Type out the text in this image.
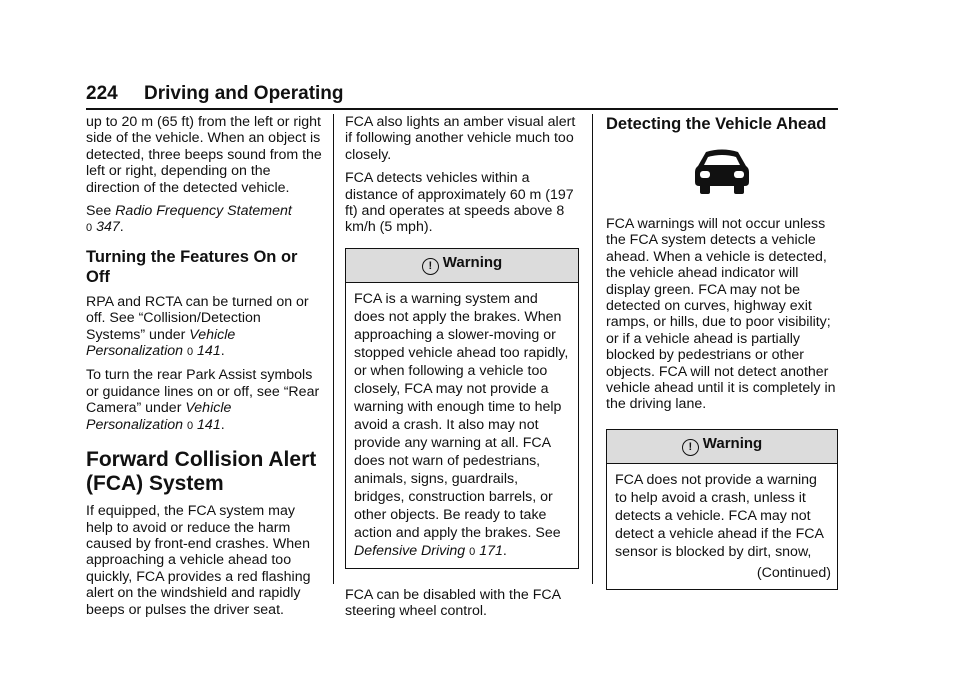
224	Driving and Operating

up to 20 m (65 ft) from the left or right side of the vehicle. When an object is detected, three beeps sound from the left or right, depending on the direction of the detected vehicle.

See Radio Frequency Statement
0 347.

Turning the Features On or Off

RPA and RCTA can be turned on or off. See “Collision/Detection Systems” under Vehicle Personalization 0 141.

To turn the rear Park Assist symbols or guidance lines on or off, see “Rear Camera” under Vehicle Personalization 0 141.

Forward Collision Alert (FCA) System

If equipped, the FCA system may help to avoid or reduce the harm caused by front-end crashes. When approaching a vehicle ahead too quickly, FCA provides a red flashing alert on the windshield and rapidly beeps or pulses the driver seat.

FCA also lights an amber visual alert if following another vehicle much too closely.

FCA detects vehicles within a distance of approximately 60 m (197 ft) and operates at speeds above 8 km/h (5 mph).

! Warning

FCA is a warning system and does not apply the brakes. When approaching a slower-moving or stopped vehicle ahead too rapidly, or when following a vehicle too closely, FCA may not provide a warning with enough time to help avoid a crash. It also may not provide any warning at all. FCA does not warn of pedestrians, animals, signs, guardrails, bridges, construction barrels, or other objects. Be ready to take action and apply the brakes. See Defensive Driving 0 171.

FCA can be disabled with the FCA steering wheel control.

Detecting the Vehicle Ahead

FCA warnings will not occur unless the FCA system detects a vehicle ahead. When a vehicle is detected, the vehicle ahead indicator will display green. FCA may not be detected on curves, highway exit ramps, or hills, due to poor visibility; or if a vehicle ahead is partially blocked by pedestrians or other objects. FCA will not detect another vehicle ahead until it is completely in the driving lane.

! Warning

FCA does not provide a warning to help avoid a crash, unless it detects a vehicle. FCA may not detect a vehicle ahead if the FCA sensor is blocked by dirt, snow,

(Continued)
